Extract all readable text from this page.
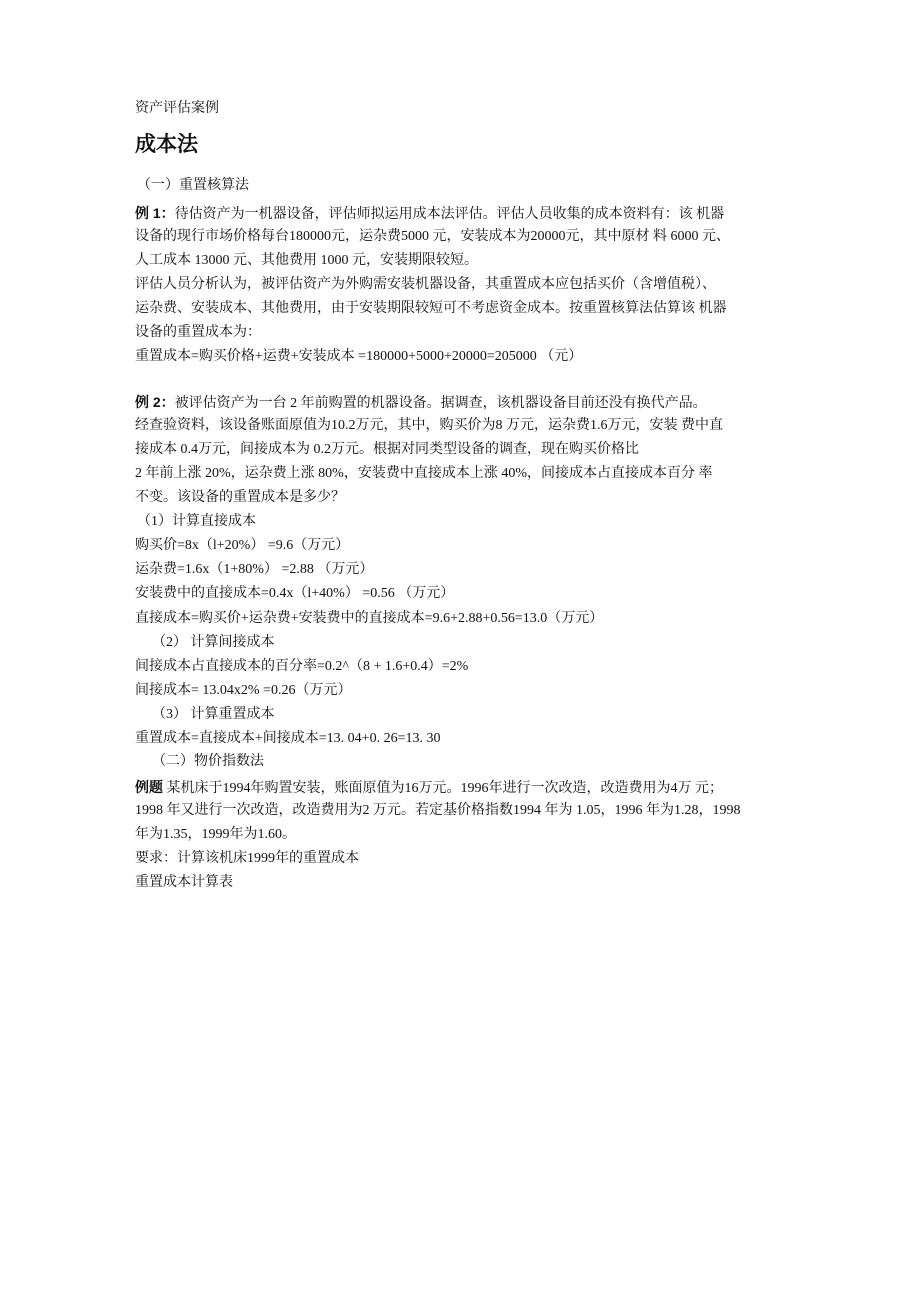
资产评估案例
成本法
（一）重置核算法
例 1：待估资产为一机器设备，评估师拟运用成本法评估。评估人员收集的成本资料有：该 机器
设备的现行市场价格每台180000元，运杂费5000 元，安装成本为20000元，其中原材 料 6000 元、
人工成本 13000 元、其他费用 1000 元，安装期限较短。
评估人员分析认为，被评估资产为外购需安装机器设备，其重置成本应包括买价（含增值税）、
运杂费、安装成本、其他费用，由于安装期限较短可不考虑资金成本。按重置核算法估算该 机器
设备的重置成本为：
重置成本=购买价格+运费+安装成本 =180000+5000+20000=205000 （元）
例 2：被评估资产为一台 2 年前购置的机器设备。据调查，该机器设备目前还没有换代产品。
经查验资料，该设备账面原值为10.2万元，其中，购买价为8 万元，运杂费1.6万元，安装 费中直
接成本 0.4万元，间接成本为 0.2万元。根据对同类型设备的调查，现在购买价格比
2 年前上涨 20%，运杂费上涨 80%，安装费中直接成本上涨 40%，间接成本占直接成本百分 率
不变。该设备的重置成本是多少？
（1）计算直接成本
购买价=8x（l+20%） =9.6（万元）
运杂费=1.6x（1+80%） =2.88 （万元）
安装费中的直接成本=0.4x（l+40%） =0.56 （万元）
直接成本=购买价+运杂费+安装费中的直接成本=9.6+2.88+0.56=13.0（万元）
（2） 计算间接成本
间接成本占直接成本的百分率=0.2^（8 + 1.6+0.4）=2%
间接成本= 13.04x2% =0.26（万元）
（3） 计算重置成本
重置成本=直接成本+间接成本=13. 04+0. 26=13. 30
（二）物价指数法
例题 某机床于1994年购置安装，账面原值为16万元。1996年进行一次改造，改造费用为4万 元；
1998 年又进行一次改造，改造费用为2 万元。若定基价格指数1994 年为 1.05，1996 年为1.28，1998
年为1.35，1999年为1.60。
要求：计算该机床1999年的重置成本
重置成本计算表
